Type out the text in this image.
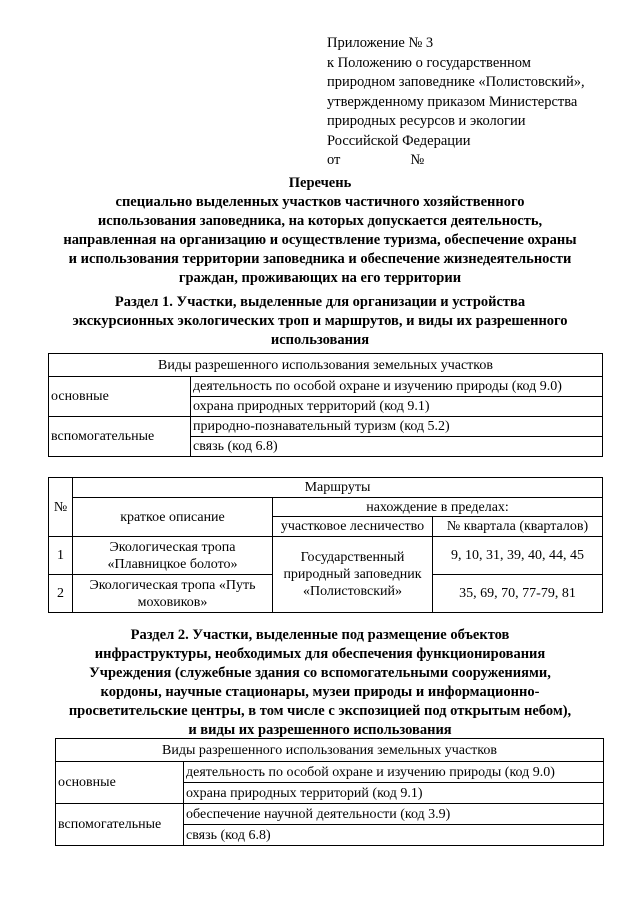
Приложение № 3
к Положению о государственном
природном заповеднике «Полистовский»,
утвержденному приказом Министерства
природных ресурсов и экологии
Российской Федерации
от	№
Перечень
специально выделенных участков частичного хозяйственного
использования заповедника, на которых допускается деятельность,
направленная на организацию и осуществление туризма, обеспечение охраны
и использования территории заповедника и обеспечение жизнедеятельности
граждан, проживающих на его территории
Раздел 1. Участки, выделенные для организации и устройства
экскурсионных экологических троп и маршрутов, и виды их разрешенного
использования
Виды разрешенного использования земельных участков	
основные	деятельность по особой охране и изучению природы (код 9.0)
	охрана природных территорий (код 9.1)
вспомогательные	природно-познавательный туризм (код 5.2)
	связь (код 6.8)
№	Маршруты		
	краткое описание	нахождение в пределах:	
		участковое лесничество	№ квартала (кварталов)
1	Экологическая тропа «Плавницкое болото»	Государственный природный заповедник «Полистовский»	9, 10, 31, 39, 40, 44, 45
2	Экологическая тропа «Путь моховиков»		35, 69, 70, 77-79, 81
Раздел 2. Участки, выделенные под размещение объектов
инфраструктуры, необходимых для обеспечения функционирования
Учреждения (служебные здания со вспомогательными сооружениями,
кордоны, научные стационары, музеи природы и информационно-
просветительские центры, в том числе с экспозицией под открытым небом),
и виды их разрешенного использования
Виды разрешенного использования земельных участков	
основные	деятельность по особой охране и изучению природы (код 9.0)
	охрана природных территорий (код 9.1)
вспомогательные	обеспечение научной деятельности (код 3.9)
	связь (код 6.8)
